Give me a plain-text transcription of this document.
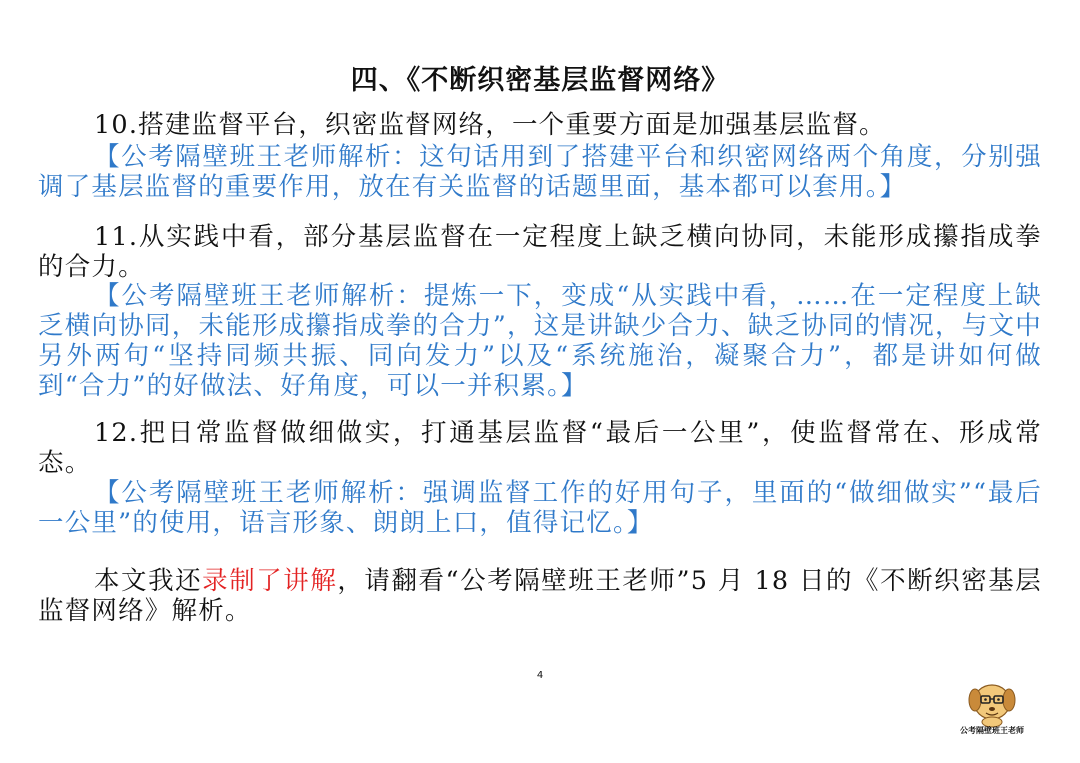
四、《不断织密基层监督网络》
10.搭建监督平台，织密监督网络，一个重要方面是加强基层监督。
【公考隔壁班王老师解析：这句话用到了搭建平台和织密网络两个角度，分别强调了基层监督的重要作用，放在有关监督的话题里面，基本都可以套用。】
11.从实践中看，部分基层监督在一定程度上缺乏横向协同，未能形成攥指成拳的合力。
【公考隔壁班王老师解析：提炼一下，变成“从实践中看，……在一定程度上缺乏横向协同，未能形成攥指成拳的合力”，这是讲缺少合力、缺乏协同的情况，与文中另外两句“坚持同频共振、同向发力”以及“系统施治，凝聚合力”，都是讲如何做到“合力”的好做法、好角度，可以一并积累。】
12.把日常监督做细做实，打通基层监督“最后一公里”，使监督常在、形成常态。
【公考隔壁班王老师解析：强调监督工作的好用句子，里面的“做细做实”“最后一公里”的使用，语言形象、朗朗上口，值得记忆。】
本文我还录制了讲解，请翻看“公考隔壁班王老师”5 月 18 日的《不断织密基层监督网络》解析。
4
公考隔壁班王老师
